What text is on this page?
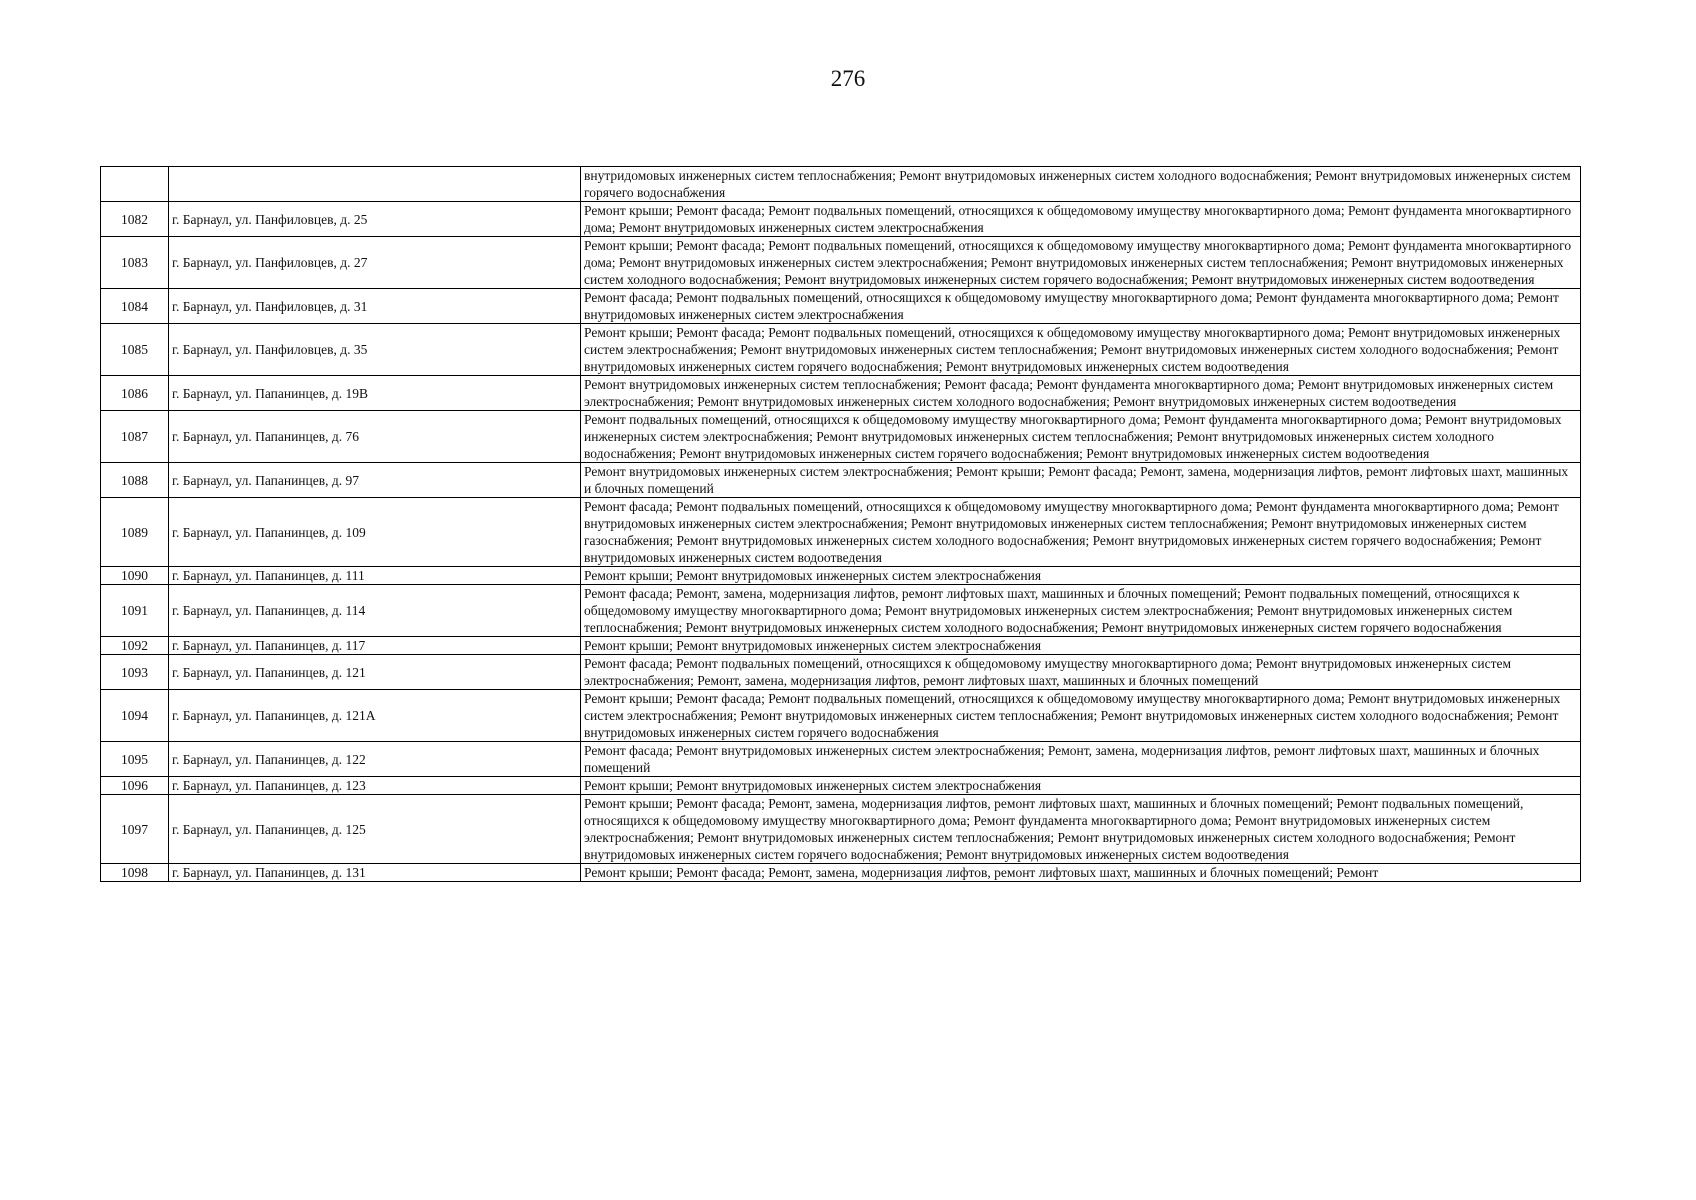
276
		внутридомовых инженерных систем теплоснабжения; Ремонт внутридомовых инженерных систем холодного водоснабжения; Ремонт внутридомовых инженерных систем горячего водоснабжения
1082	г. Барнаул, ул. Панфиловцев, д. 25	Ремонт крыши; Ремонт фасада; Ремонт подвальных помещений, относящихся к общедомовому имуществу многоквартирного дома; Ремонт фундамента многоквартирного дома; Ремонт внутридомовых инженерных систем электроснабжения
1083	г. Барнаул, ул. Панфиловцев, д. 27	Ремонт крыши; Ремонт фасада; Ремонт подвальных помещений, относящихся к общедомовому имуществу многоквартирного дома; Ремонт фундамента многоквартирного дома; Ремонт внутридомовых инженерных систем электроснабжения; Ремонт внутридомовых инженерных систем теплоснабжения; Ремонт внутридомовых инженерных систем холодного водоснабжения; Ремонт внутридомовых инженерных систем горячего водоснабжения; Ремонт внутридомовых инженерных систем водоотведения
1084	г. Барнаул, ул. Панфиловцев, д. 31	Ремонт фасада; Ремонт подвальных помещений, относящихся к общедомовому имуществу многоквартирного дома; Ремонт фундамента многоквартирного дома; Ремонт внутридомовых инженерных систем электроснабжения
1085	г. Барнаул, ул. Панфиловцев, д. 35	Ремонт крыши; Ремонт фасада; Ремонт подвальных помещений, относящихся к общедомовому имуществу многоквартирного дома; Ремонт внутридомовых инженерных систем электроснабжения; Ремонт внутридомовых инженерных систем теплоснабжения; Ремонт внутридомовых инженерных систем холодного водоснабжения; Ремонт внутридомовых инженерных систем горячего водоснабжения; Ремонт внутридомовых инженерных систем водоотведения
1086	г. Барнаул, ул. Папанинцев, д. 19В	Ремонт внутридомовых инженерных систем теплоснабжения; Ремонт фасада; Ремонт фундамента многоквартирного дома; Ремонт внутридомовых инженерных систем электроснабжения; Ремонт внутридомовых инженерных систем холодного водоснабжения; Ремонт внутридомовых инженерных систем водоотведения
1087	г. Барнаул, ул. Папанинцев, д. 76	Ремонт подвальных помещений, относящихся к общедомовому имуществу многоквартирного дома; Ремонт фундамента многоквартирного дома; Ремонт внутридомовых инженерных систем электроснабжения; Ремонт внутридомовых инженерных систем теплоснабжения; Ремонт внутридомовых инженерных систем холодного водоснабжения; Ремонт внутридомовых инженерных систем горячего водоснабжения; Ремонт внутридомовых инженерных систем водоотведения
1088	г. Барнаул, ул. Папанинцев, д. 97	Ремонт внутридомовых инженерных систем электроснабжения; Ремонт крыши; Ремонт фасада; Ремонт, замена, модернизация лифтов, ремонт лифтовых шахт, машинных и блочных помещений
1089	г. Барнаул, ул. Папанинцев, д. 109	Ремонт фасада; Ремонт подвальных помещений, относящихся к общедомовому имуществу многоквартирного дома; Ремонт фундамента многоквартирного дома; Ремонт внутридомовых инженерных систем электроснабжения; Ремонт внутридомовых инженерных систем теплоснабжения; Ремонт внутридомовых инженерных систем газоснабжения; Ремонт внутридомовых инженерных систем холодного водоснабжения; Ремонт внутридомовых инженерных систем горячего водоснабжения; Ремонт внутридомовых инженерных систем водоотведения
1090	г. Барнаул, ул. Папанинцев, д. 111	Ремонт крыши; Ремонт внутридомовых инженерных систем электроснабжения
1091	г. Барнаул, ул. Папанинцев, д. 114	Ремонт фасада; Ремонт, замена, модернизация лифтов, ремонт лифтовых шахт, машинных и блочных помещений; Ремонт подвальных помещений, относящихся к общедомовому имуществу многоквартирного дома; Ремонт внутридомовых инженерных систем электроснабжения; Ремонт внутридомовых инженерных систем теплоснабжения; Ремонт внутридомовых инженерных систем холодного водоснабжения; Ремонт внутридомовых инженерных систем горячего водоснабжения
1092	г. Барнаул, ул. Папанинцев, д. 117	Ремонт крыши; Ремонт внутридомовых инженерных систем электроснабжения
1093	г. Барнаул, ул. Папанинцев, д. 121	Ремонт фасада; Ремонт подвальных помещений, относящихся к общедомовому имуществу многоквартирного дома; Ремонт внутридомовых инженерных систем электроснабжения; Ремонт, замена, модернизация лифтов, ремонт лифтовых шахт, машинных и блочных помещений
1094	г. Барнаул, ул. Папанинцев, д. 121А	Ремонт крыши; Ремонт фасада; Ремонт подвальных помещений, относящихся к общедомовому имуществу многоквартирного дома; Ремонт внутридомовых инженерных систем электроснабжения; Ремонт внутридомовых инженерных систем теплоснабжения; Ремонт внутридомовых инженерных систем холодного водоснабжения; Ремонт внутридомовых инженерных систем горячего водоснабжения
1095	г. Барнаул, ул. Папанинцев, д. 122	Ремонт фасада; Ремонт внутридомовых инженерных систем электроснабжения; Ремонт, замена, модернизация лифтов, ремонт лифтовых шахт, машинных и блочных помещений
1096	г. Барнаул, ул. Папанинцев, д. 123	Ремонт крыши; Ремонт внутридомовых инженерных систем электроснабжения
1097	г. Барнаул, ул. Папанинцев, д. 125	Ремонт крыши; Ремонт фасада; Ремонт, замена, модернизация лифтов, ремонт лифтовых шахт, машинных и блочных помещений; Ремонт подвальных помещений, относящихся к общедомовому имуществу многоквартирного дома; Ремонт фундамента многоквартирного дома; Ремонт внутридомовых инженерных систем электроснабжения; Ремонт внутридомовых инженерных систем теплоснабжения; Ремонт внутридомовых инженерных систем холодного водоснабжения; Ремонт внутридомовых инженерных систем горячего водоснабжения; Ремонт внутридомовых инженерных систем водоотведения
1098	г. Барнаул, ул. Папанинцев, д. 131	Ремонт крыши; Ремонт фасада; Ремонт, замена, модернизация лифтов, ремонт лифтовых шахт, машинных и блочных помещений; Ремонт
